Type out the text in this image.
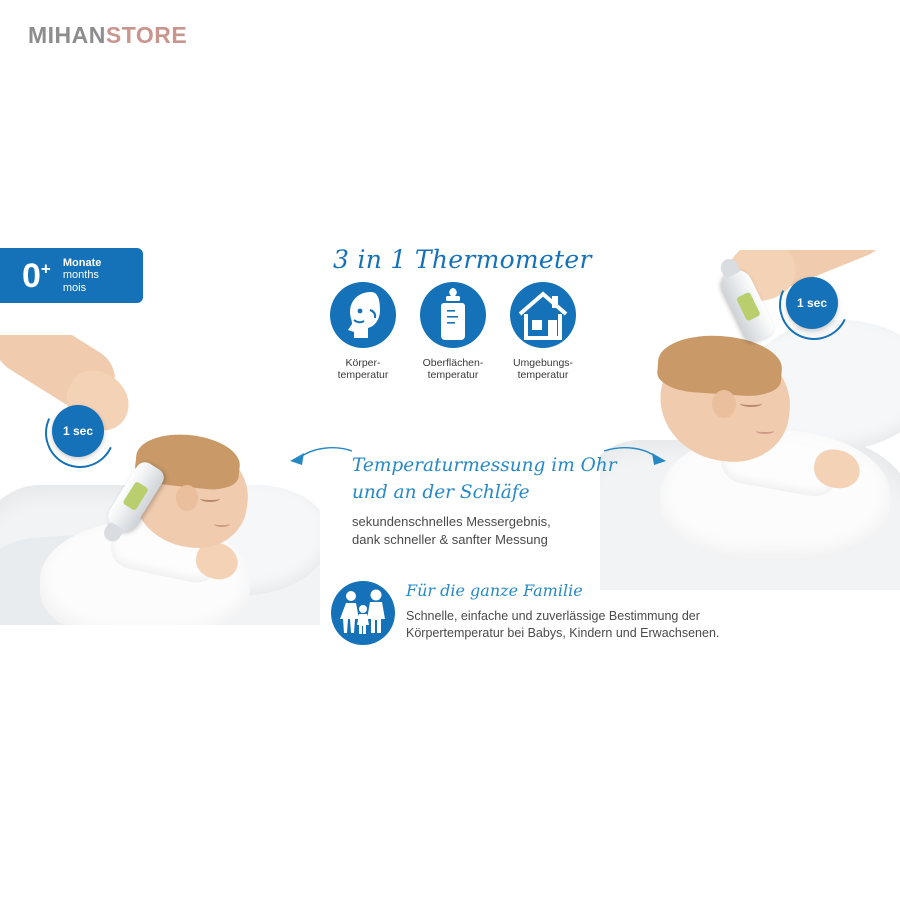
MIHANSTORE
1 sec
1 sec
0+ Monate
months
mois
3 in 1 Thermometer
Körper-
temperatur
Oberflächen-
temperatur
Umgebungs-
temperatur
Temperaturmessung im Ohr
und an der Schläfe
sekundenschnelles Messergebnis,
dank schneller & sanfter Messung
Für die ganze Familie
Schnelle, einfache und zuverlässige Bestimmung der
Körpertemperatur bei Babys, Kindern und Erwachsenen.
